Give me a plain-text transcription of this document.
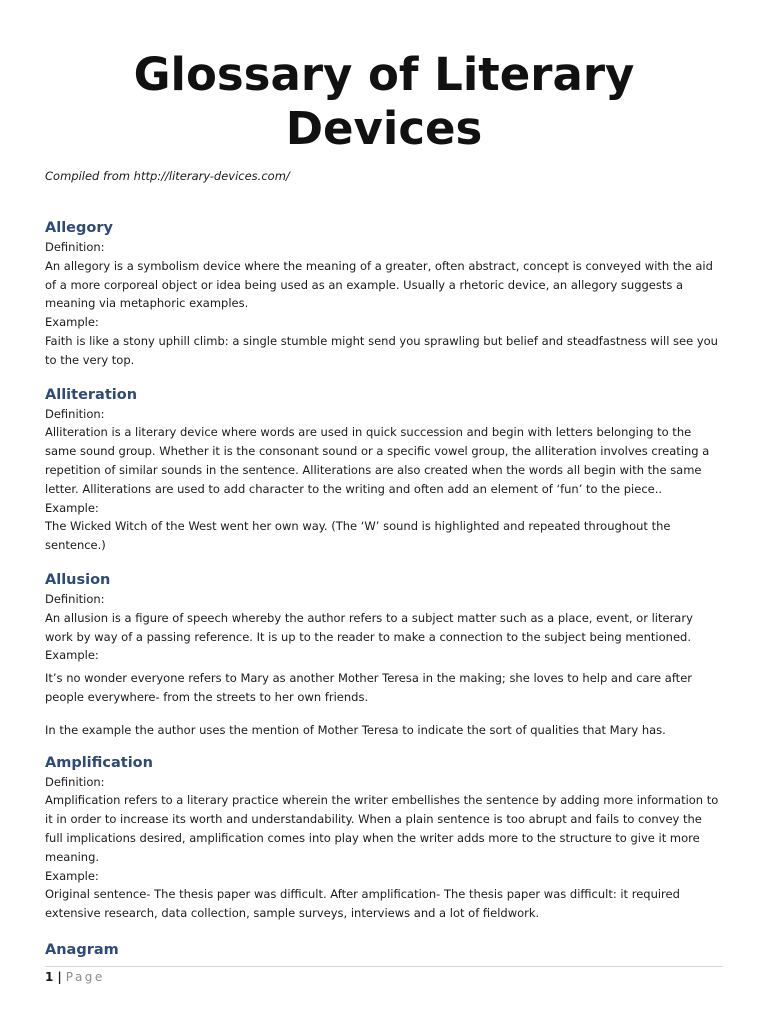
Glossary of Literary Devices

Compiled from http://literary-devices.com/

Allegory

Definition:

An allegory is a symbolism device where the meaning of a greater, often abstract, concept is conveyed with the aid of a more corporeal object or idea being used as an example. Usually a rhetoric device, an allegory suggests a meaning via metaphoric examples.

Example:

Faith is like a stony uphill climb: a single stumble might send you sprawling but belief and steadfastness will see you to the very top.

Alliteration

Definition:

Alliteration is a literary device where words are used in quick succession and begin with letters belonging to the same sound group. Whether it is the consonant sound or a specific vowel group, the alliteration involves creating a repetition of similar sounds in the sentence. Alliterations are also created when the words all begin with the same letter. Alliterations are used to add character to the writing and often add an element of ‘fun’ to the piece..

Example:

The Wicked Witch of the West went her own way. (The ‘W’ sound is highlighted and repeated throughout the sentence.)

Allusion

Definition:

An allusion is a figure of speech whereby the author refers to a subject matter such as a place, event, or literary work by way of a passing reference. It is up to the reader to make a connection to the subject being mentioned.

Example:

It’s no wonder everyone refers to Mary as another Mother Teresa in the making; she loves to help and care after people everywhere- from the streets to her own friends.

In the example the author uses the mention of Mother Teresa to indicate the sort of qualities that Mary has.

Amplification

Definition:

Amplification refers to a literary practice wherein the writer embellishes the sentence by adding more information to it in order to increase its worth and understandability. When a plain sentence is too abrupt and fails to convey the full implications desired, amplification comes into play when the writer adds more to the structure to give it more meaning.

Example:

Original sentence- The thesis paper was difficult. After amplification- The thesis paper was difficult: it required extensive research, data collection, sample surveys, interviews and a lot of fieldwork.

Anagram
1 | Page
